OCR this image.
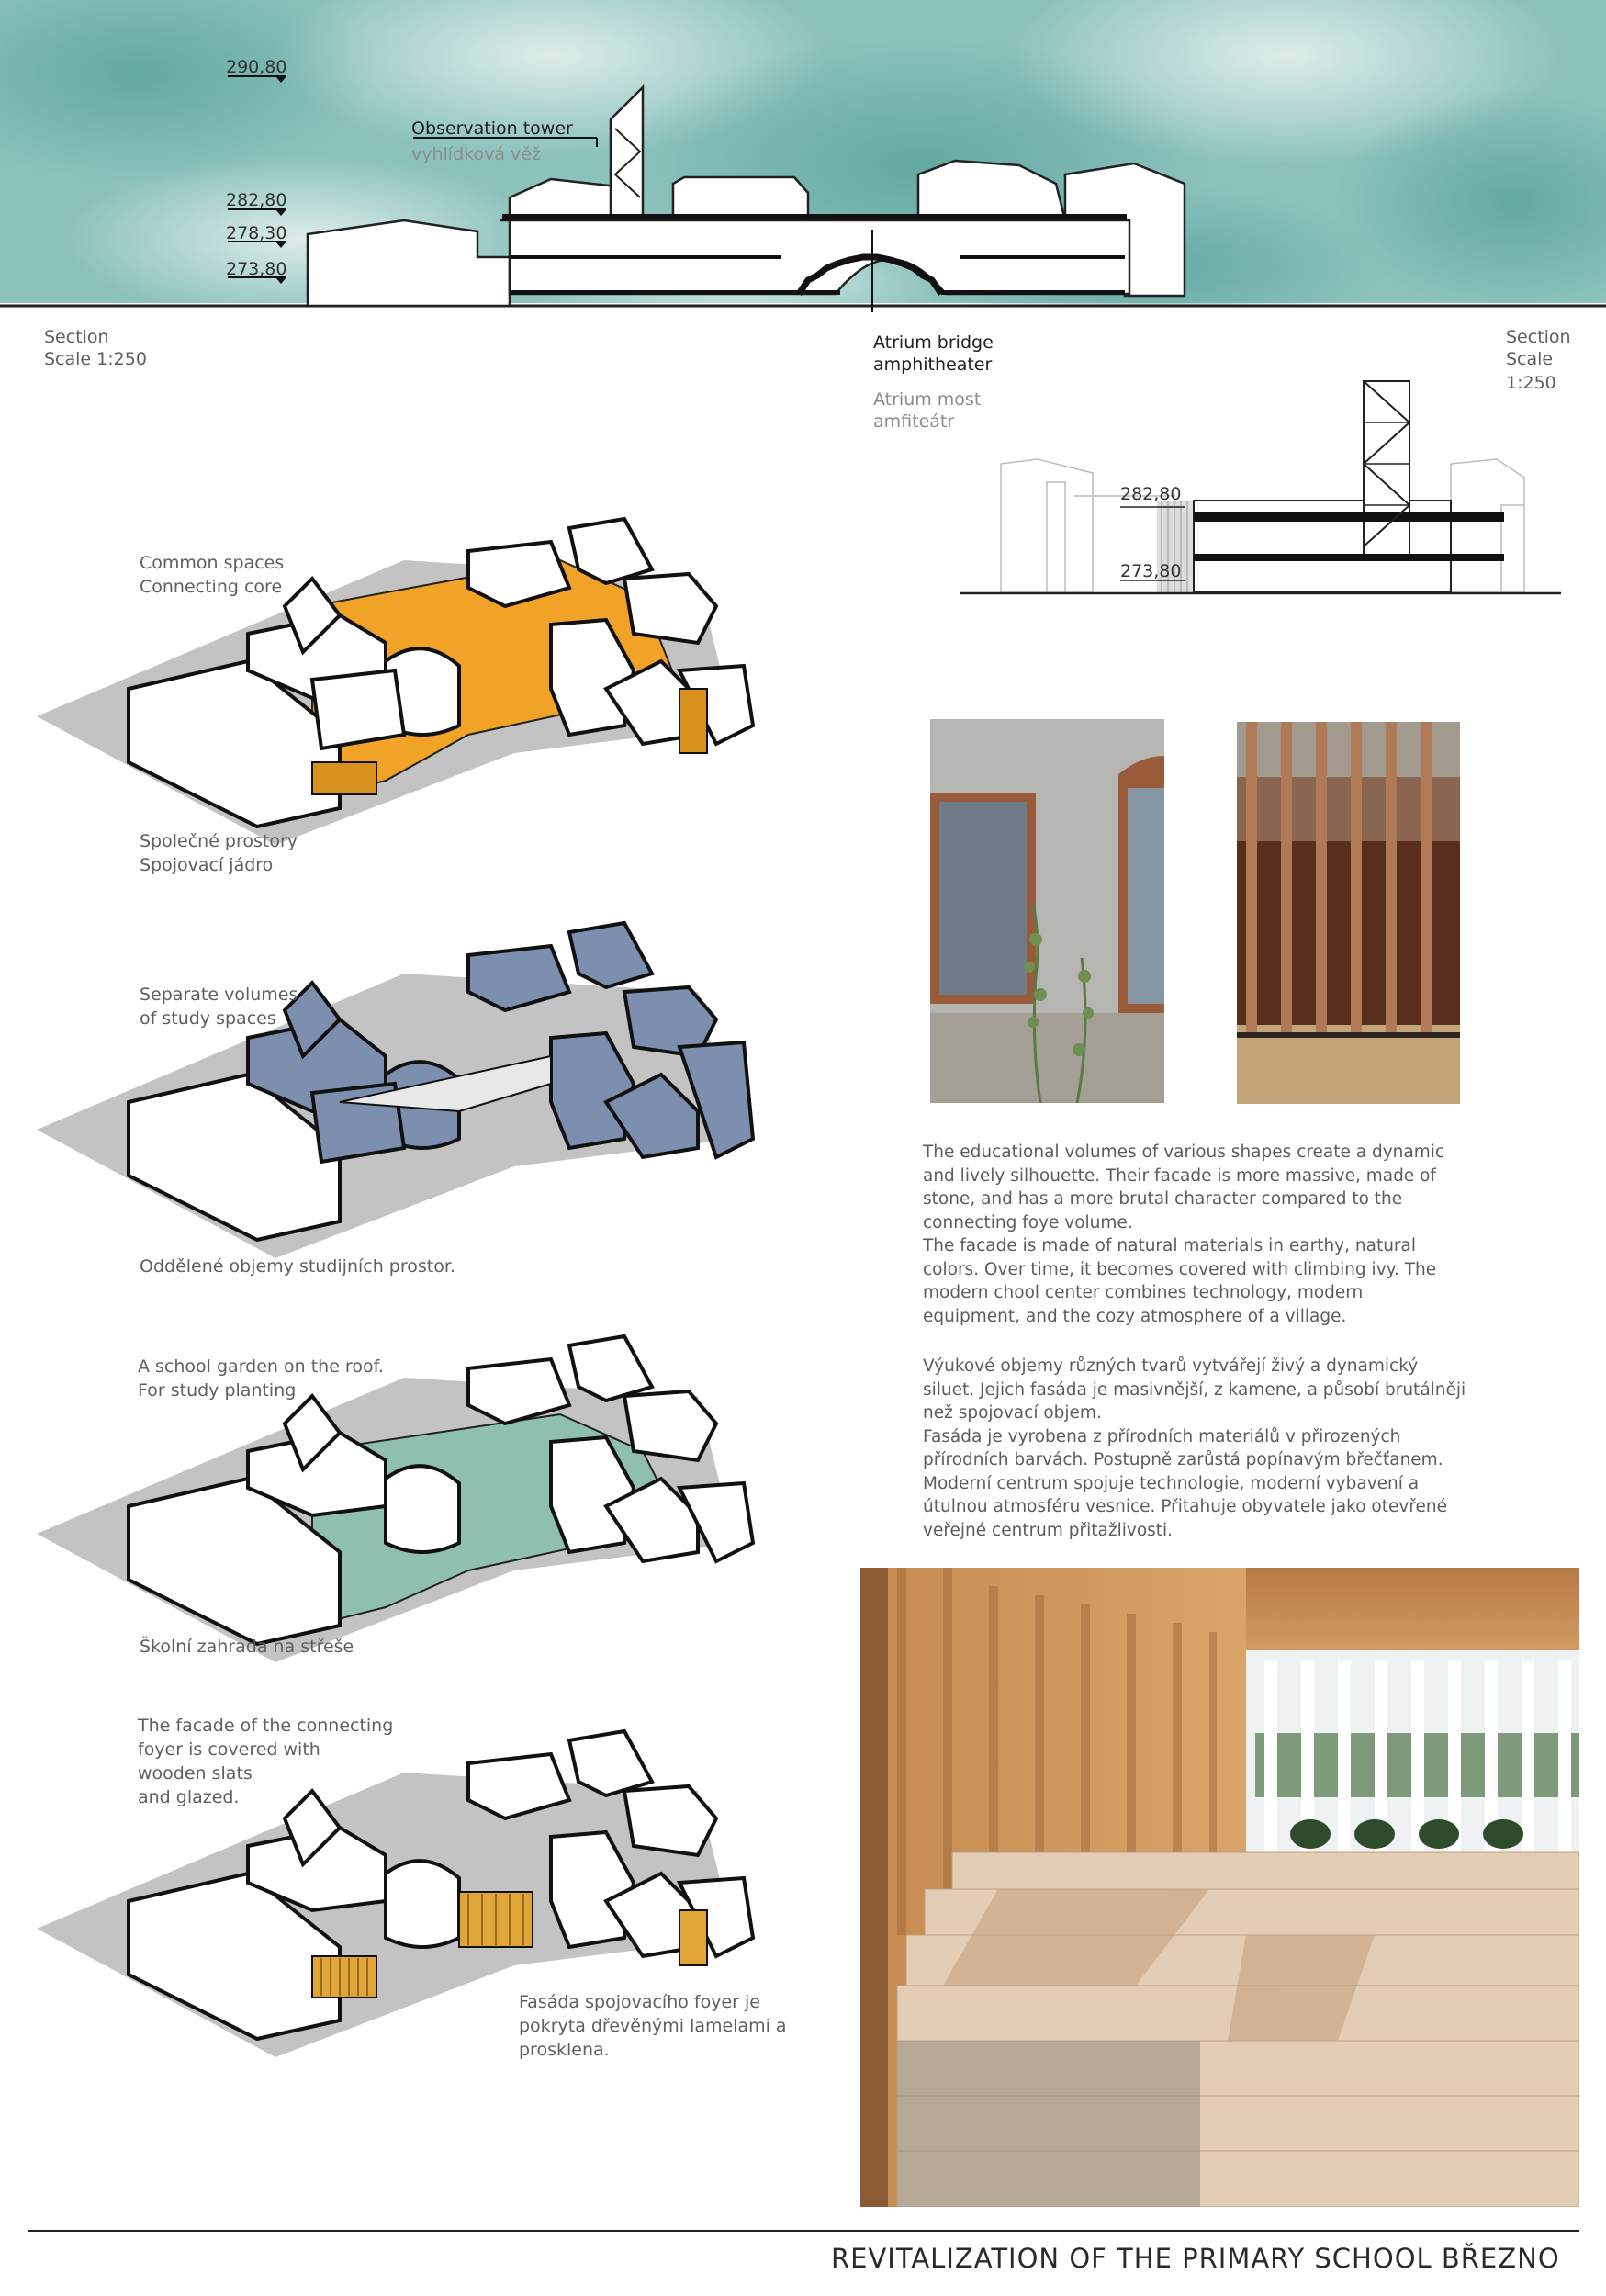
290,80
282,80
278,30
273,80
Observation tower
vyhlídková věž
Section
Scale 1:250
Section
Scale 1:250
Atrium bridge
amphitheater
Atrium most
amfiteátr
282,80
273,80
Common spaces
Connecting core
Společné prostory
Spojovací jádro
Separate volumes
of study spaces
Oddělené objemy studijních prostor.
A school garden on the roof.
For study planting
Školní zahrada na střeše
The facade of the connecting
foyer is covered with
wooden slats
and glazed.
Fasáda spojovacího foyer je
pokryta dřevěnými lamelami a
prosklena.

The educational volumes of various shapes create a dynamic and lively silhouette. Their facade is more massive, made of stone, and has a more brutal character compared to the connecting foye volume.

The facade is made of natural materials in earthy, natural colors. Over time, it becomes covered with climbing ivy. The modern chool center combines technology, modern equipment, and the cozy atmosphere of a village.

Výukové objemy různých tvarů vytvářejí živý a dynamický siluet. Jejich fasáda je masivnější, z kamene, a působí brutálněji než spojovací objem.

Fasáda je vyrobena z přírodních materiálů v přirozených přírodních barvách. Postupně zarůstá popínavým břečťanem. Moderní centrum spojuje technologie, moderní vybavení a útulnou atmosféru vesnice. Přitahuje obyvatele jako otevřené veřejné centrum přitažlivosti.

REVITALIZATION OF THE PRIMARY SCHOOL BŘEZNO
